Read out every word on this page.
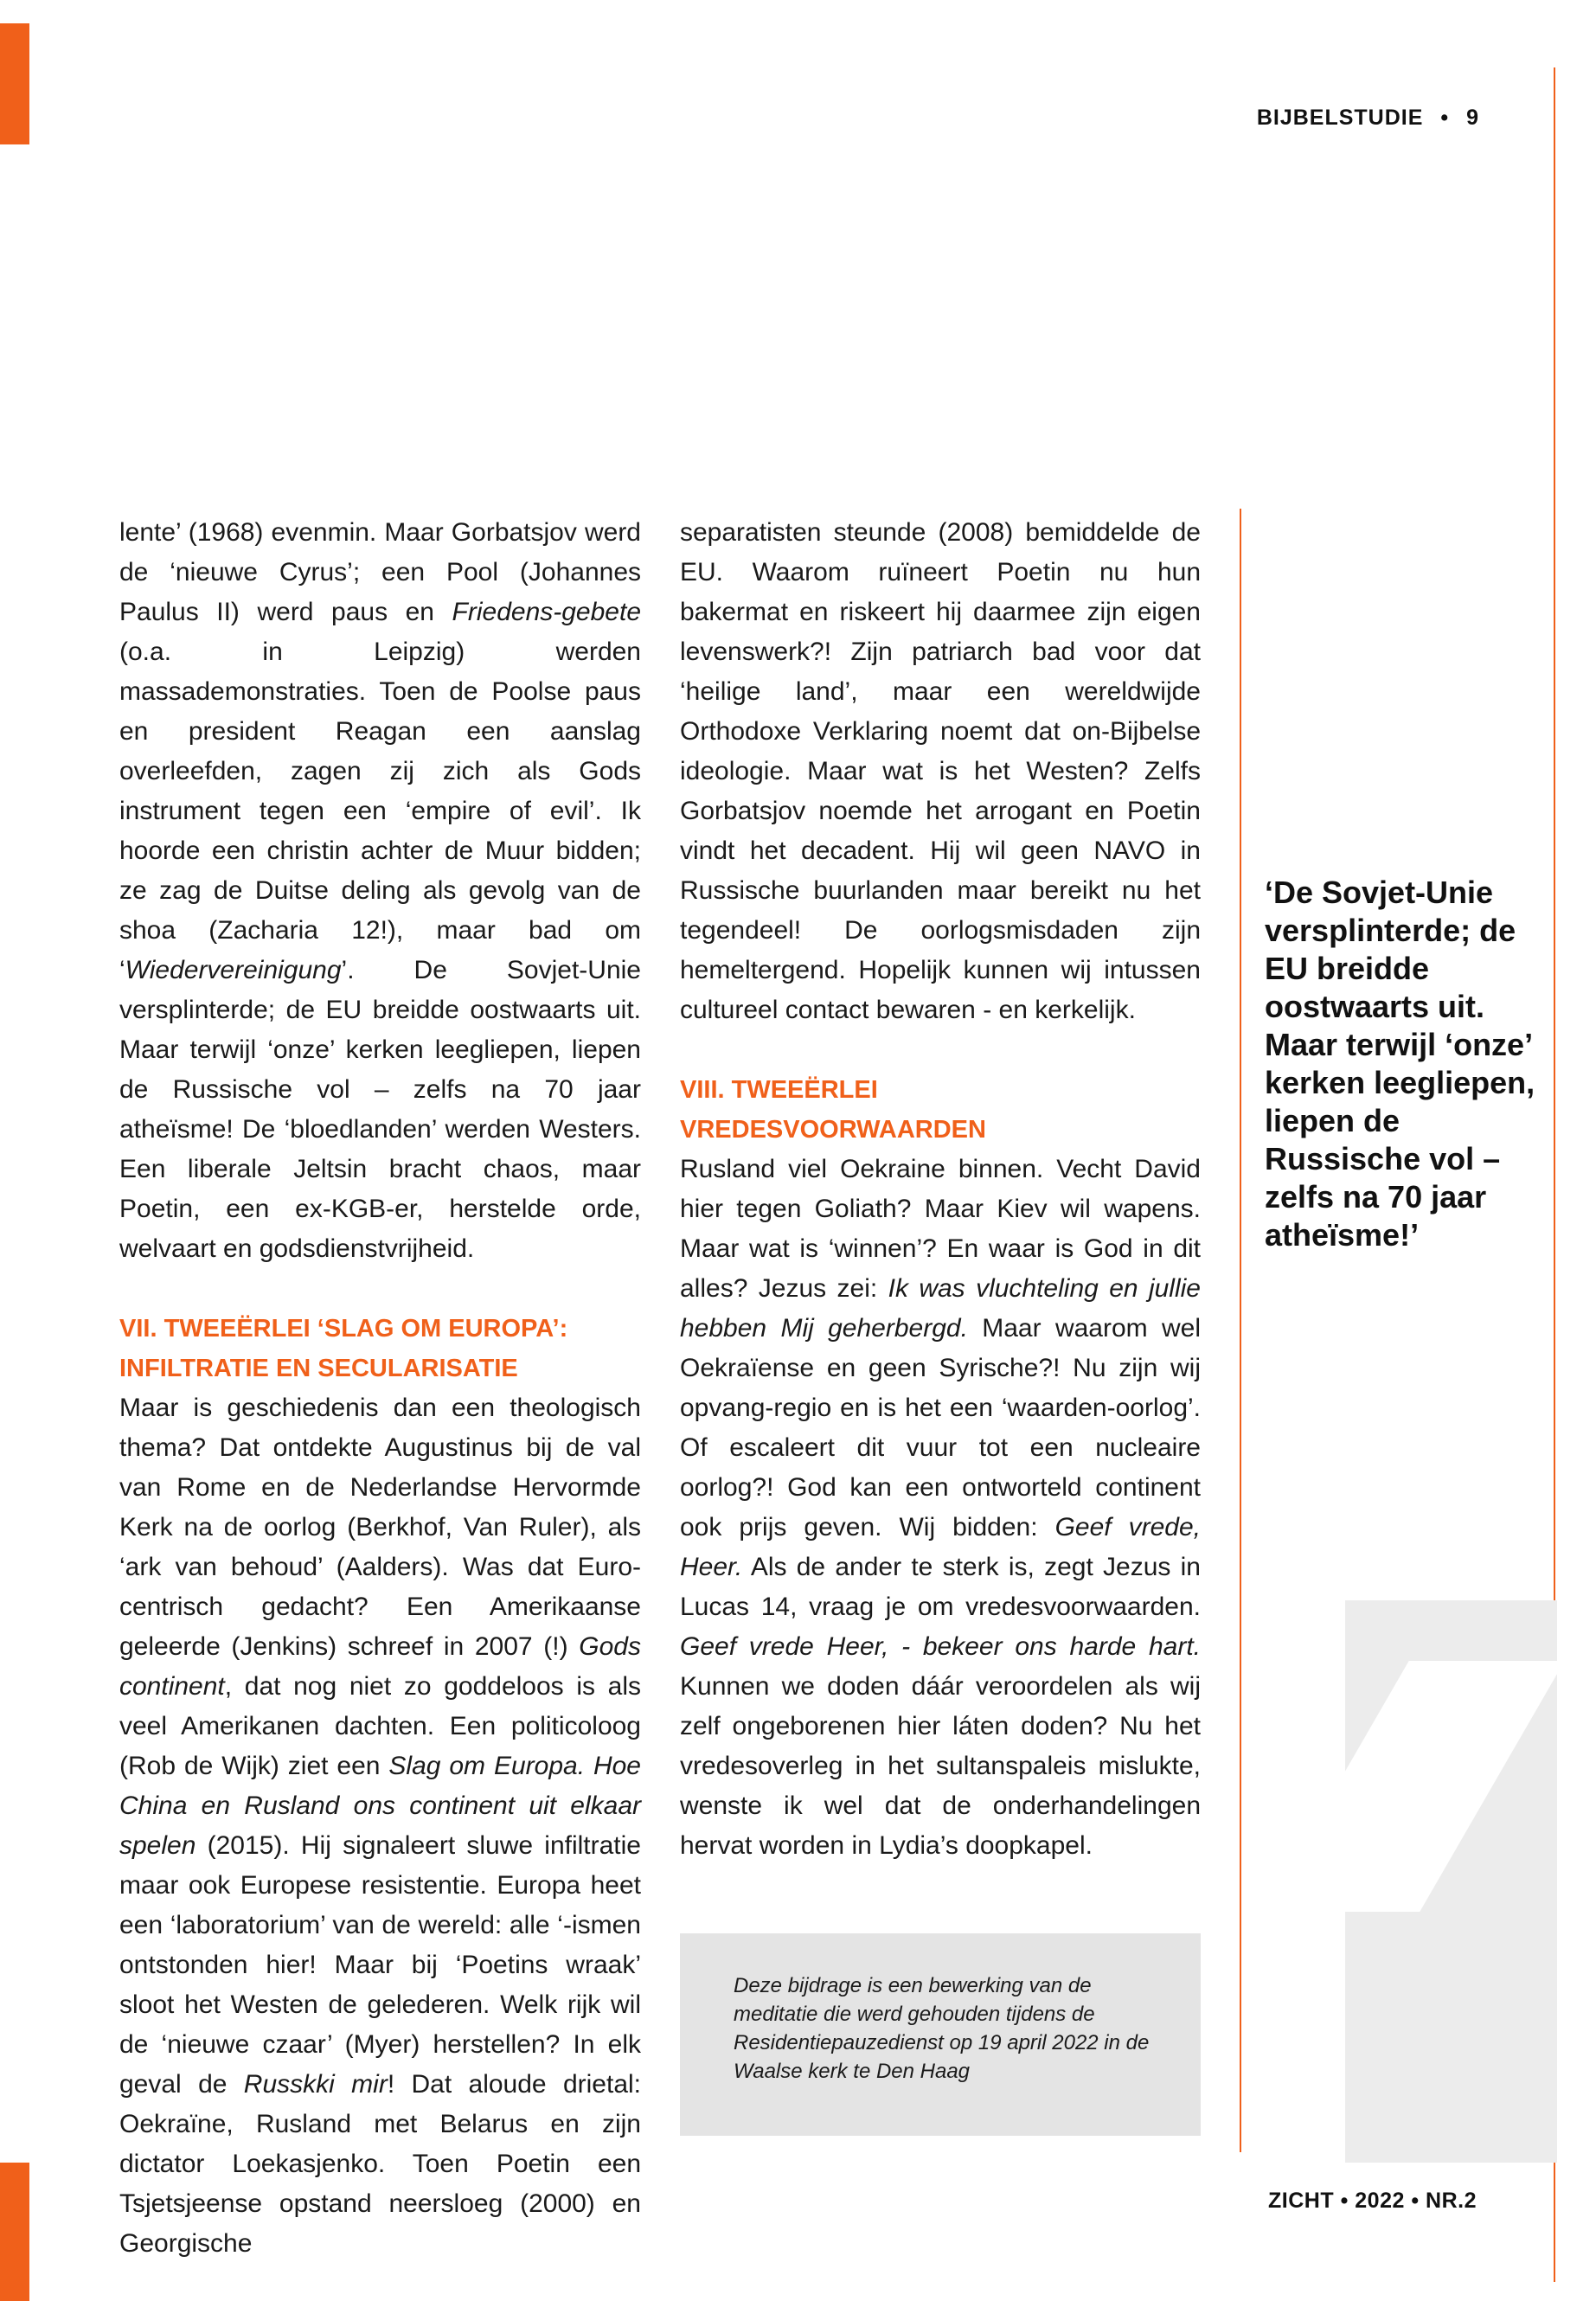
BIJBELSTUDIE • 9

lente’ (1968) evenmin. Maar Gorbatsjov werd de ‘nieuwe Cyrus’; een Pool (Johannes Paulus II) werd paus en Friedens-gebete (o.a. in Leipzig) werden massademonstraties. Toen de Poolse paus en president Reagan een aanslag overleefden, zagen zij zich als Gods instrument tegen een ‘empire of evil’. Ik hoorde een christin achter de Muur bidden; ze zag de Duitse deling als gevolg van de shoa (Zacharia 12!), maar bad om ‘Wiedervereinigung’. De Sovjet-Unie versplinterde; de EU breidde oostwaarts uit. Maar terwijl ‘onze’ kerken leegliepen, liepen de Russische vol – zelfs na 70 jaar atheïsme! De ‘bloedlanden’ werden Westers. Een liberale Jeltsin bracht chaos, maar Poetin, een ex-KGB-er, herstelde orde, welvaart en godsdienstvrijheid.

VII. TWEEËRLEI ‘SLAG OM EUROPA’:
INFILTRATIE EN SECULARISATIE

Maar is geschiedenis dan een theologisch thema? Dat ontdekte Augustinus bij de val van Rome en de Nederlandse Hervormde Kerk na de oorlog (Berkhof, Van Ruler), als ‘ark van behoud’ (Aalders). Was dat Euro-centrisch gedacht? Een Amerikaanse geleerde (Jenkins) schreef in 2007 (!) Gods continent, dat nog niet zo goddeloos is als veel Amerikanen dachten. Een politicoloog (Rob de Wijk) ziet een Slag om Europa. Hoe China en Rusland ons continent uit elkaar spelen (2015). Hij signaleert sluwe infiltratie maar ook Europese resistentie. Europa heet een ‘laboratorium’ van de wereld: alle ‘-ismen ontstonden hier! Maar bij ‘Poetins wraak’ sloot het Westen de gelederen. Welk rijk wil de ‘nieuwe czaar’ (Myer) herstellen? In elk geval de Russkki mir! Dat aloude drietal: Oekraïne, Rusland met Belarus en zijn dictator Loekasjenko. Toen Poetin een Tsjetsjeense opstand neersloeg (2000) en Georgische

separatisten steunde (2008) bemiddelde de EU. Waarom ruïneert Poetin nu hun bakermat en riskeert hij daarmee zijn eigen levenswerk?! Zijn patriarch bad voor dat ‘heilige land’, maar een wereldwijde Orthodoxe Verklaring noemt dat on-Bijbelse ideologie. Maar wat is het Westen? Zelfs Gorbatsjov noemde het arrogant en Poetin vindt het decadent. Hij wil geen NAVO in Russische buurlanden maar bereikt nu het tegendeel! De oorlogsmisdaden zijn hemeltergend. Hopelijk kunnen wij intussen cultureel contact bewaren - en kerkelijk.

VIII. TWEEËRLEI
VREDESVOORWAARDEN

Rusland viel Oekraine binnen. Vecht David hier tegen Goliath? Maar Kiev wil wapens. Maar wat is ‘winnen’? En waar is God in dit alles? Jezus zei: Ik was vluchteling en jullie hebben Mij geherbergd. Maar waarom wel Oekraïense en geen Syrische?! Nu zijn wij opvang-regio en is het een ‘waarden-oorlog’. Of escaleert dit vuur tot een nucleaire oorlog?! God kan een ontworteld continent ook prijs geven. Wij bidden: Geef vrede, Heer. Als de ander te sterk is, zegt Jezus in Lucas 14, vraag je om vredesvoorwaarden. Geef vrede Heer, - bekeer ons harde hart. Kunnen we doden dáár veroordelen als wij zelf ongeborenen hier láten doden? Nu het vredesoverleg in het sultanspaleis mislukte, wenste ik wel dat de onderhandelingen hervat worden in Lydia’s doopkapel.

Deze bijdrage is een bewerking van de meditatie die werd gehouden tijdens de Residentiepauzedienst op 19 april 2022 in de Waalse kerk te Den Haag
‘De Sovjet-Unie versplinterde; de EU breidde oostwaarts uit. Maar terwijl ‘onze’ kerken leegliepen, liepen de Russische vol – zelfs na 70 jaar atheïsme!’
ZICHT • 2022 • NR.2
